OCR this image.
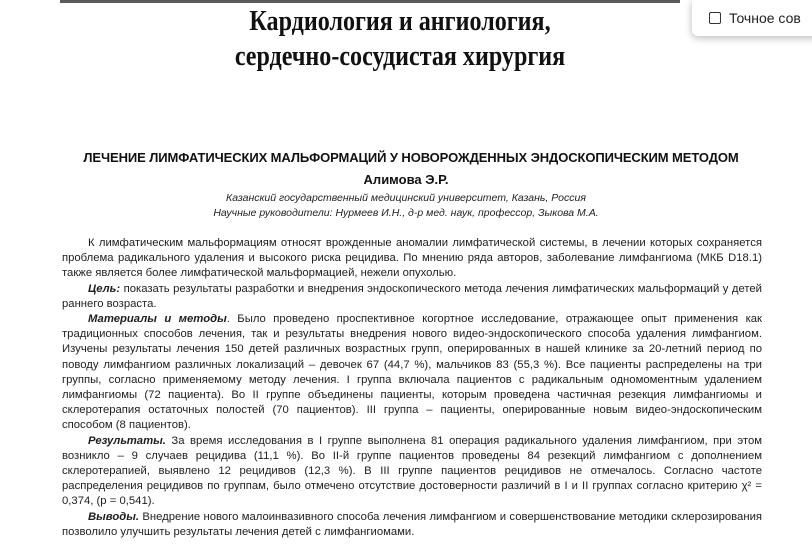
Кардиология и ангиология,
сердечно-сосудистая хирургия
ЛЕЧЕНИЕ ЛИМФАТИЧЕСКИХ МАЛЬФОРМАЦИЙ У НОВОРОЖДЕННЫХ ЭНДОСКОПИЧЕСКИМ МЕТОДОМ
Алимова Э.Р.
Казанский государственный медицинский университет, Казань, Россия
Научные руководители: Нурмеев И.Н., д-р мед. наук, профессор, Зыкова М.А.

К лимфатическим мальформациям относят врожденные аномалии лимфатической системы, в лечении которых сохраняется проблема радикального удаления и высокого риска рецидива. По мнению ряда авторов, заболевание лимфангиома (МКБ D18.1) также является более лимфатической мальформацией, нежели опухолью.

Цель: показать результаты разработки и внедрения эндоскопического метода лечения лимфатических мальформаций у детей раннего возраста.

Материалы и методы. Было проведено проспективное когортное исследование, отражающее опыт применения как традиционных способов лечения, так и результаты внедрения нового видео-эндоскопического способа удаления лимфангиом. Изучены результаты лечения 150 детей различных возрастных групп, оперированных в нашей клинике за 20-летний период по поводу лимфангиом различных локализаций – девочек 67 (44,7 %), мальчиков 83 (55,3 %). Все пациенты распределены на три группы, согласно применяемому методу лечения. I группа включала пациентов с радикальным одномоментным удалением лимфангиомы (72 пациента). Во II группе объединены пациенты, которым проведена частичная резекция лимфангиомы и склеротерапия остаточных полостей (70 пациентов). III группа – пациенты, оперированные новым видео-эндоскопическим способом (8 пациентов).

Результаты. За время исследования в I группе выполнена 81 операция радикального удаления лимфангиом, при этом возникло – 9 случаев рецидива (11,1 %). Во II-й группе пациентов проведены 84 резекций лимфангиом с дополнением склеротерапией, выявлено 12 рецидивов (12,3 %). В III группе пациентов рецидивов не отмечалось. Согласно частоте распределения рецидивов по группам, было отмечено отсутствие достоверности различий в I и II группах согласно критерию χ² = 0,374, (p = 0,541).

Выводы. Внедрение нового малоинвазивного способа лечения лимфангиом и совершенствование методики склерозирования позволило улучшить результаты лечения детей с лимфангиомами.

Точное сов
